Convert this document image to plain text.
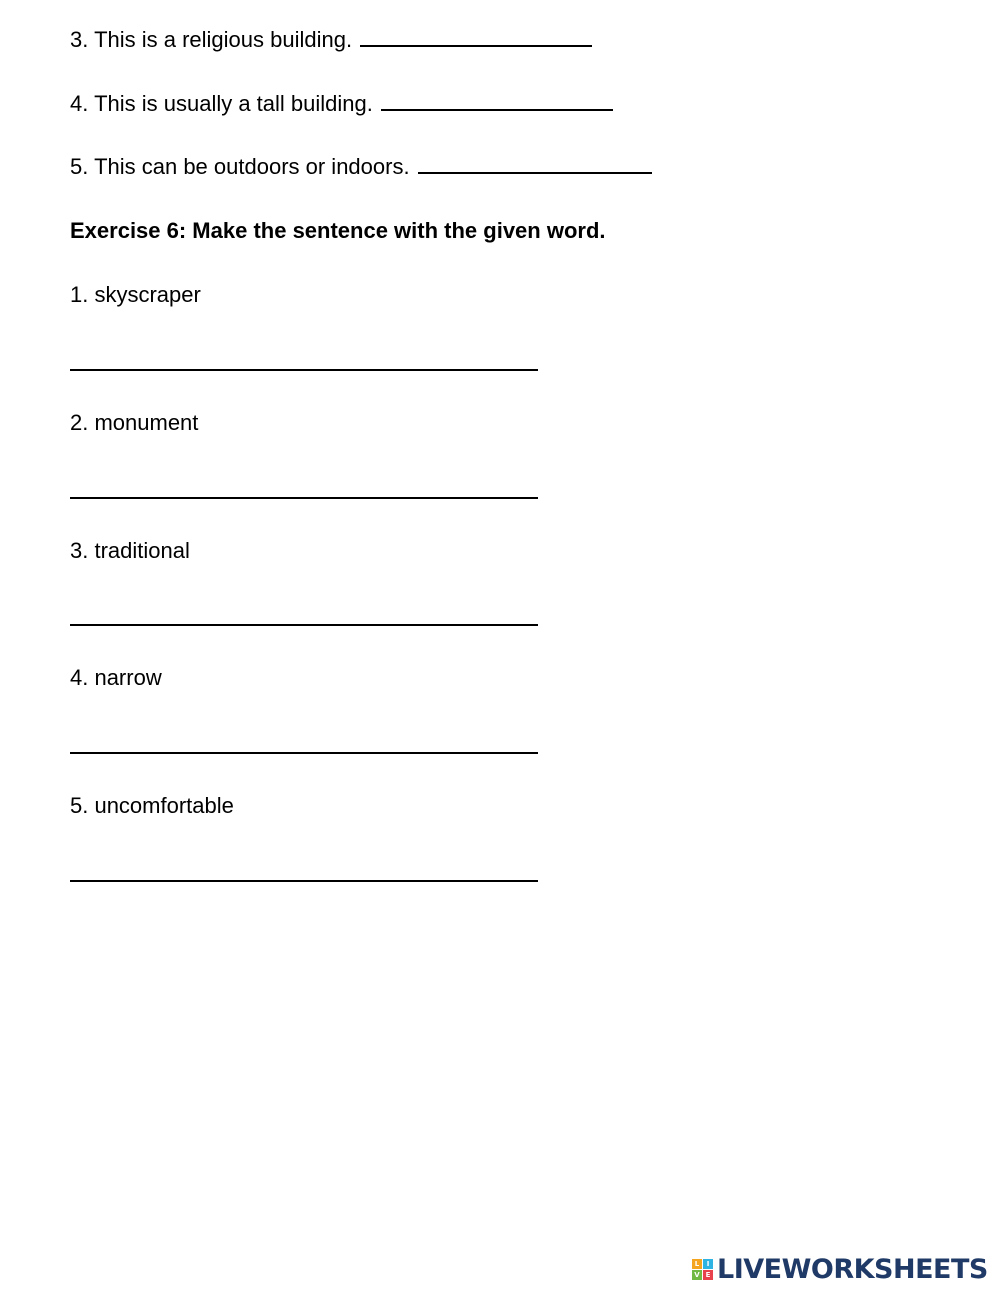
3. This is a religious building.
4. This is usually a tall building.
5. This can be outdoors or indoors.
Exercise 6: Make the sentence with the given word.
1. skyscraper
2. monument
3. traditional
4. narrow
5. uncomfortable
L	I
V E LIVEWORKSHEETS
